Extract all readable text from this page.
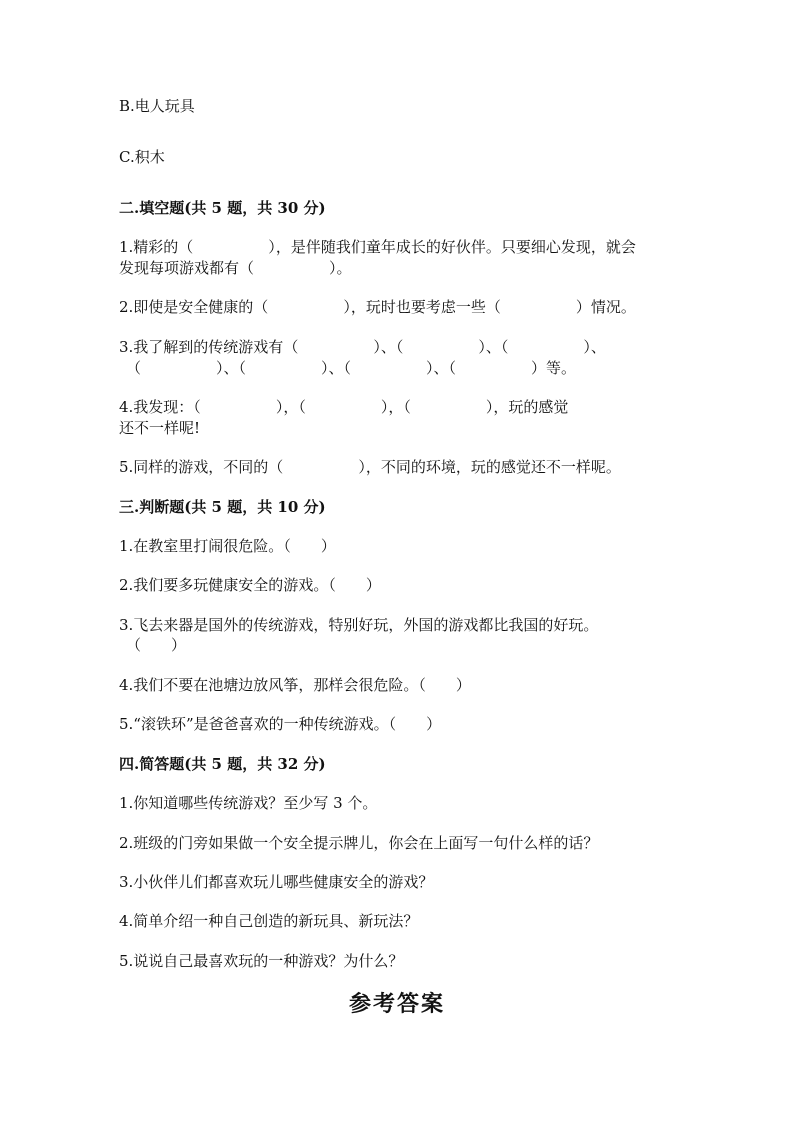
B.电人玩具
C.积木
二.填空题(共 5 题，共 30 分)
1.精彩的（　　　　　），是伴随我们童年成长的好伙伴。只要细心发现，就会
发现每项游戏都有（　　　　　）。
2.即使是安全健康的（　　　　　），玩时也要考虑一些（　　　　　）情况。
3.我了解到的传统游戏有（　　　　　）、（　　　　　）、（　　　　　）、
（　　　　　）、（　　　　　）、（　　　　　）、（　　　　　）等。
4.我发现：（　　　　　），（　　　　　），（　　　　　），玩的感觉
还不一样呢!
5.同样的游戏，不同的（　　　　　），不同的环境，玩的感觉还不一样呢。
三.判断题(共 5 题，共 10 分)
1.在教室里打闹很危险。（　　）
2.我们要多玩健康安全的游戏。（　　）
3.飞去来器是国外的传统游戏，特别好玩，外国的游戏都比我国的好玩。
（　　）
4.我们不要在池塘边放风筝，那样会很危险。（　　）
5.“滚铁环”是爸爸喜欢的一种传统游戏。（　　）
四.简答题(共 5 题，共 32 分)
1.你知道哪些传统游戏？至少写 3 个。
2.班级的门旁如果做一个安全提示牌儿，你会在上面写一句什么样的话？
3.小伙伴儿们都喜欢玩儿哪些健康安全的游戏？
4.简单介绍一种自己创造的新玩具、新玩法？
5.说说自己最喜欢玩的一种游戏？为什么？
参考答案
